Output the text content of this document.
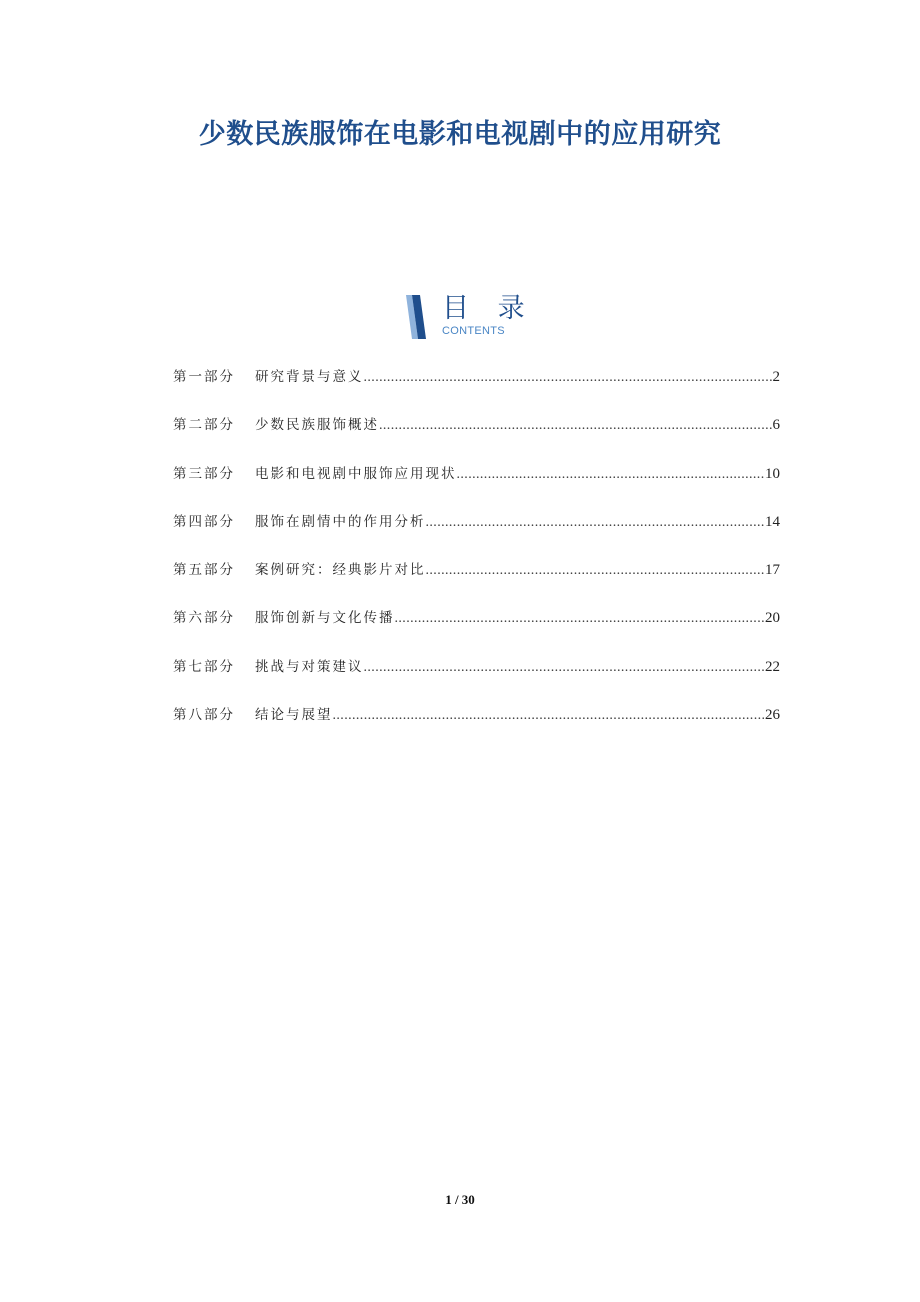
少数民族服饰在电影和电视剧中的应用研究
目 录
CONTENTS
第一部分	研究背景与意义 .....	2
第二部分	少数民族服饰概述 .....	6
第三部分	电影和电视剧中服饰应用现状 .....	10
第四部分	服饰在剧情中的作用分析 .....	14
第五部分	案例研究：经典影片对比 .....	17
第六部分	服饰创新与文化传播 .....	20
第七部分	挑战与对策建议 .....	22
第八部分	结论与展望 .....	26
1 / 30
